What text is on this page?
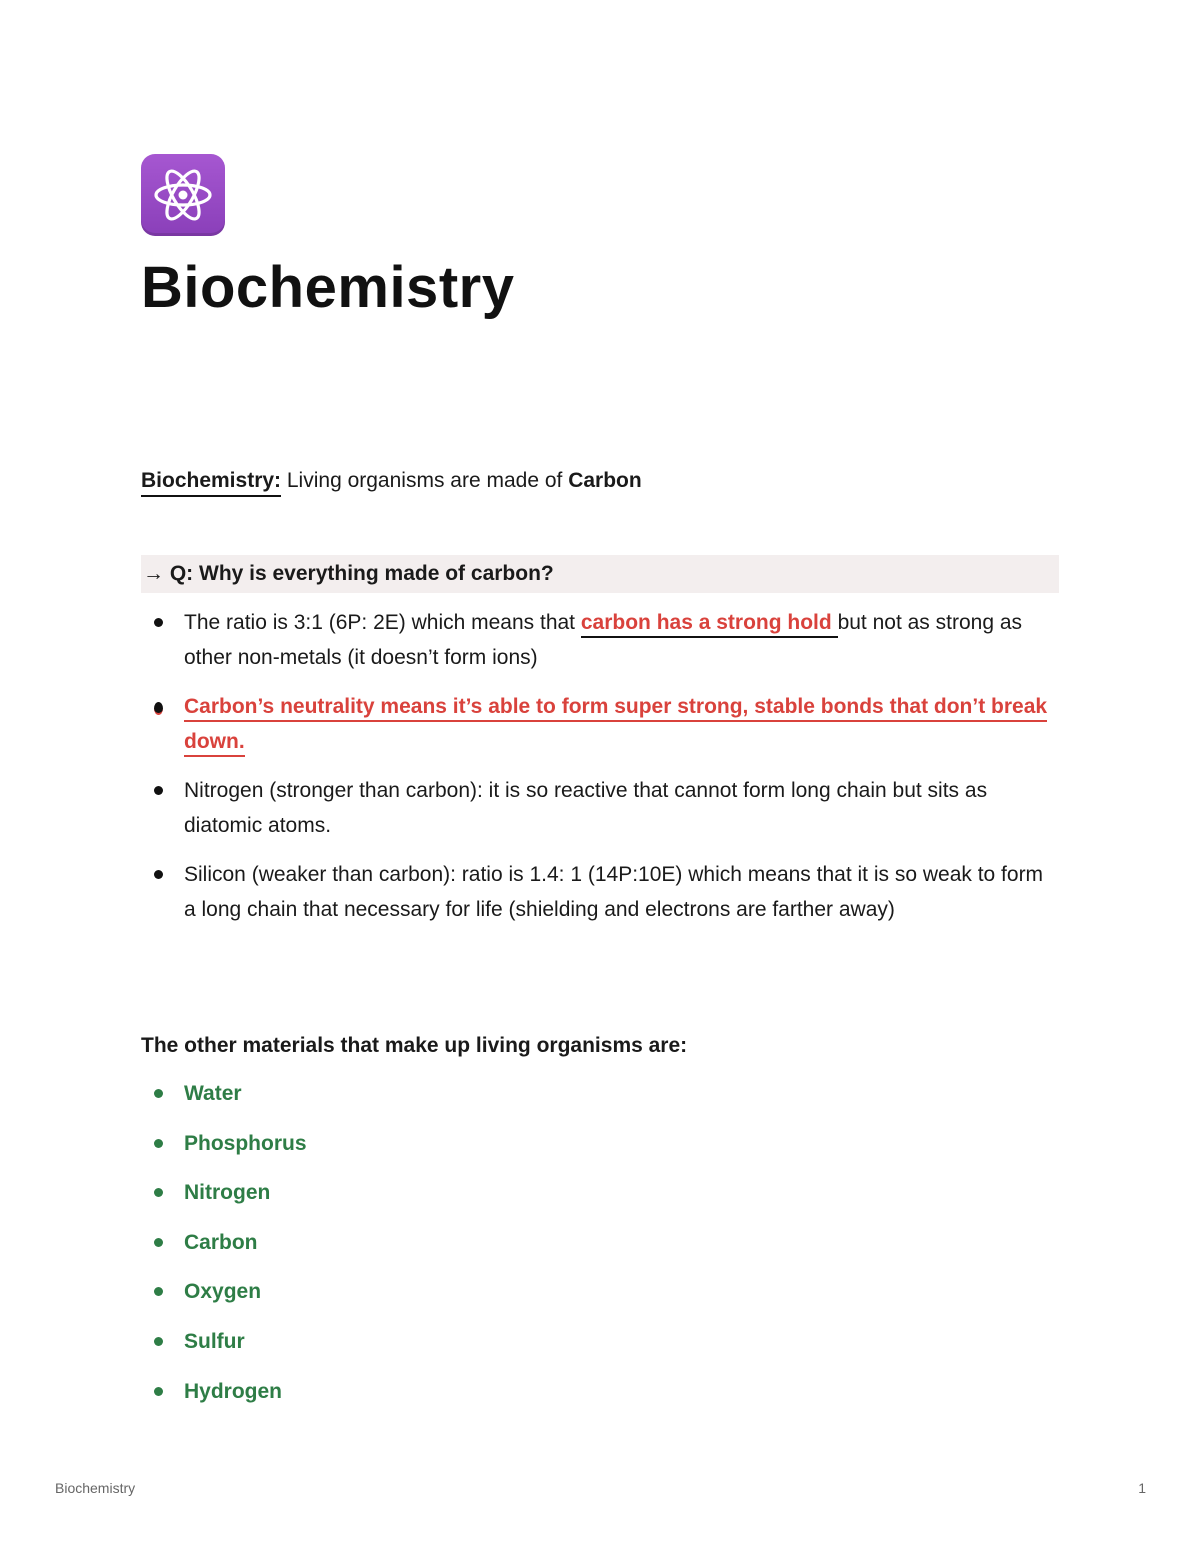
Biochemistry

Biochemistry: Living organisms are made of Carbon

→ Q: Why is everything made of carbon?
The ratio is 3:1 (6P: 2E) which means that carbon has a strong hold but not as strong as other non-metals (it doesn’t form ions)
Carbon’s neutrality means it’s able to form super strong, stable bonds that don’t break down.
Nitrogen (stronger than carbon): it is so reactive that cannot form long chain but sits as diatomic atoms.
Silicon (weaker than carbon): ratio is 1.4: 1 (14P:10E) which means that it is so weak to form a long chain that necessary for life (shielding and electrons are farther away)

The other materials that make up living organisms are:

Water
Phosphorus
Nitrogen
Carbon
Oxygen
Sulfur
Hydrogen
Biochemistry	1
